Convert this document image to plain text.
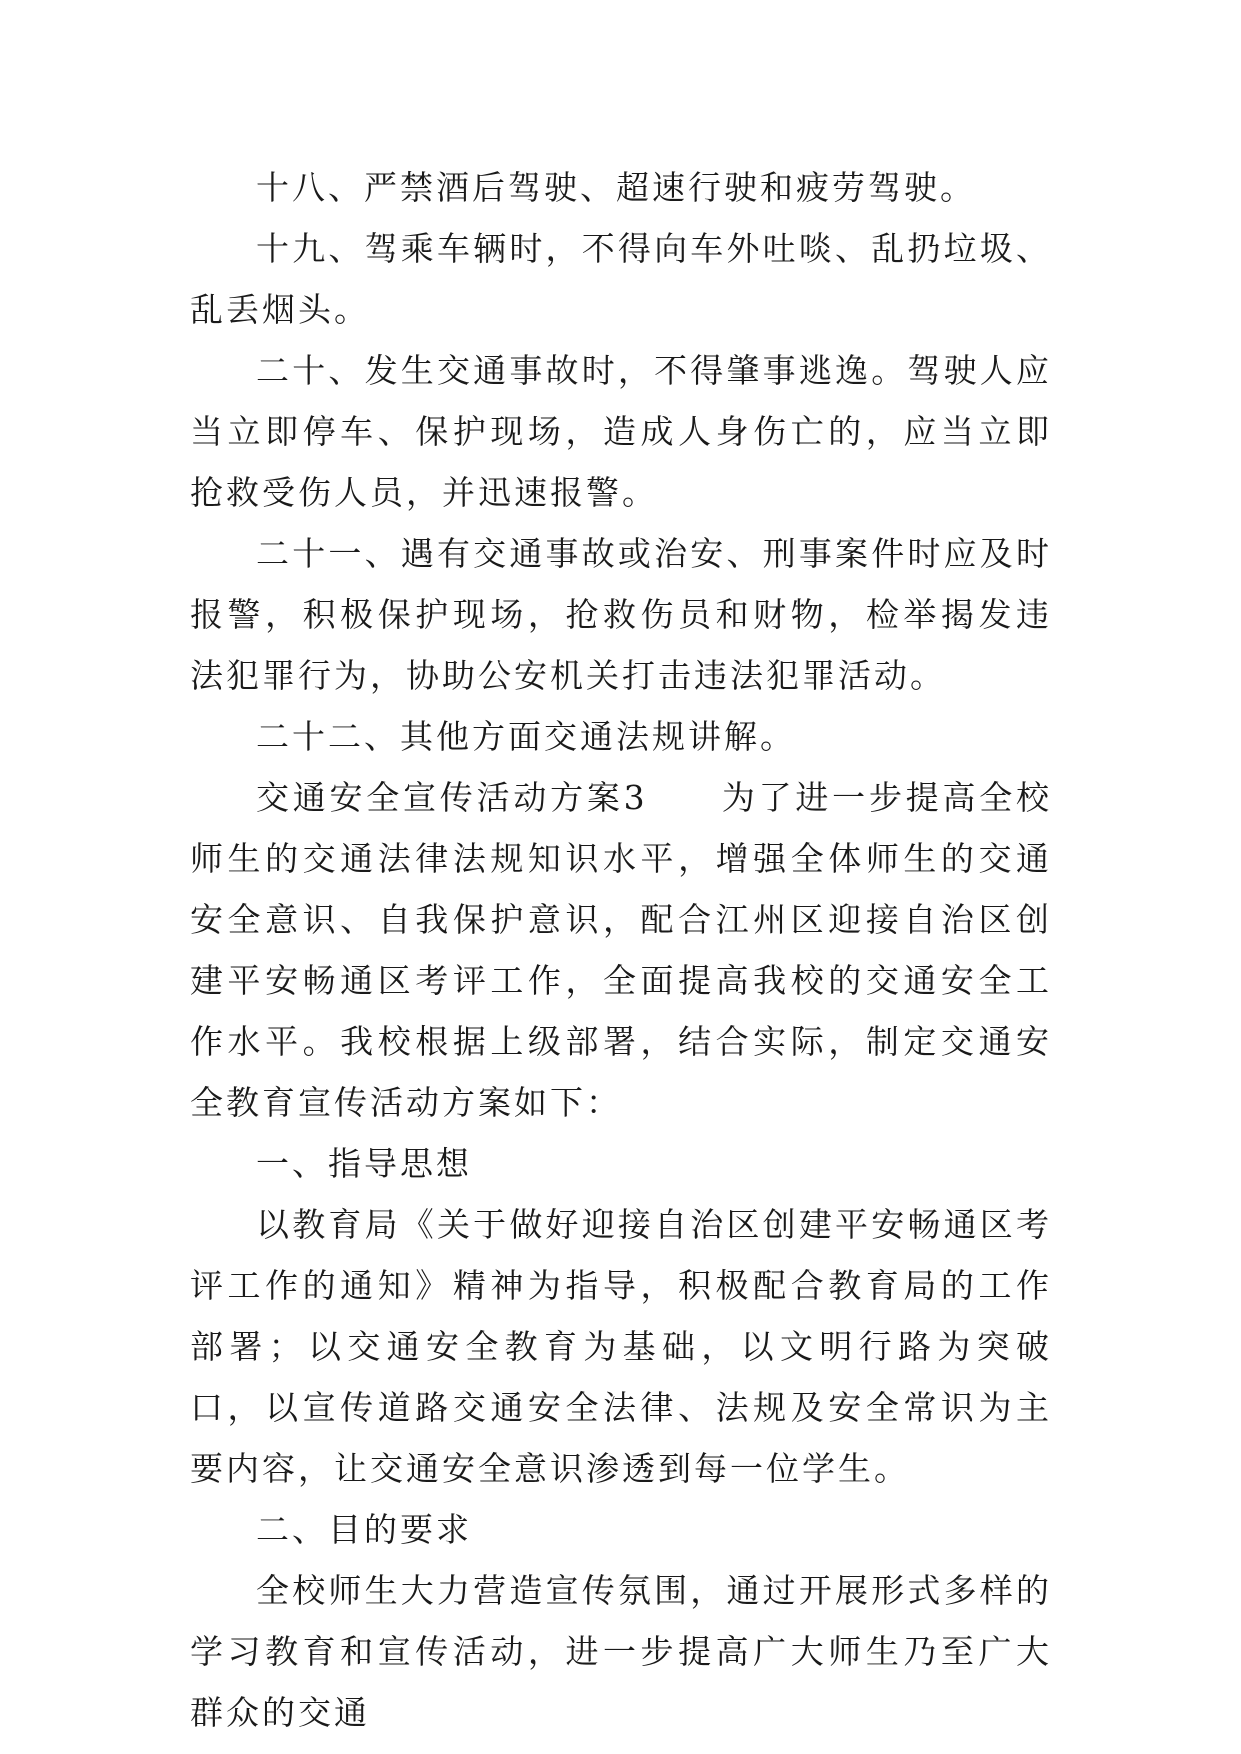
十八、严禁酒后驾驶、超速行驶和疲劳驾驶。

十九、驾乘车辆时，不得向车外吐啖、乱扔垃圾、乱丢烟头。

二十、发生交通事故时，不得肇事逃逸。驾驶人应当立即停车、保护现场，造成人身伤亡的，应当立即抢救受伤人员，并迅速报警。

二十一、遇有交通事故或治安、刑事案件时应及时报警，积极保护现场，抢救伤员和财物，检举揭发违法犯罪行为，协助公安机关打击违法犯罪活动。

二十二、其他方面交通法规讲解。

交通安全宣传活动方案3　　为了进一步提高全校师生的交通法律法规知识水平，增强全体师生的交通安全意识、自我保护意识，配合江州区迎接自治区创建平安畅通区考评工作，全面提高我校的交通安全工作水平。我校根据上级部署，结合实际，制定交通安全教育宣传活动方案如下：

一、指导思想

以教育局《关于做好迎接自治区创建平安畅通区考评工作的通知》精神为指导，积极配合教育局的工作部署；以交通安全教育为基础，以文明行路为突破口，以宣传道路交通安全法律、法规及安全常识为主要内容，让交通安全意识渗透到每一位学生。

二、目的要求

全校师生大力营造宣传氛围，通过开展形式多样的学习教育和宣传活动，进一步提高广大师生乃至广大群众的交通
